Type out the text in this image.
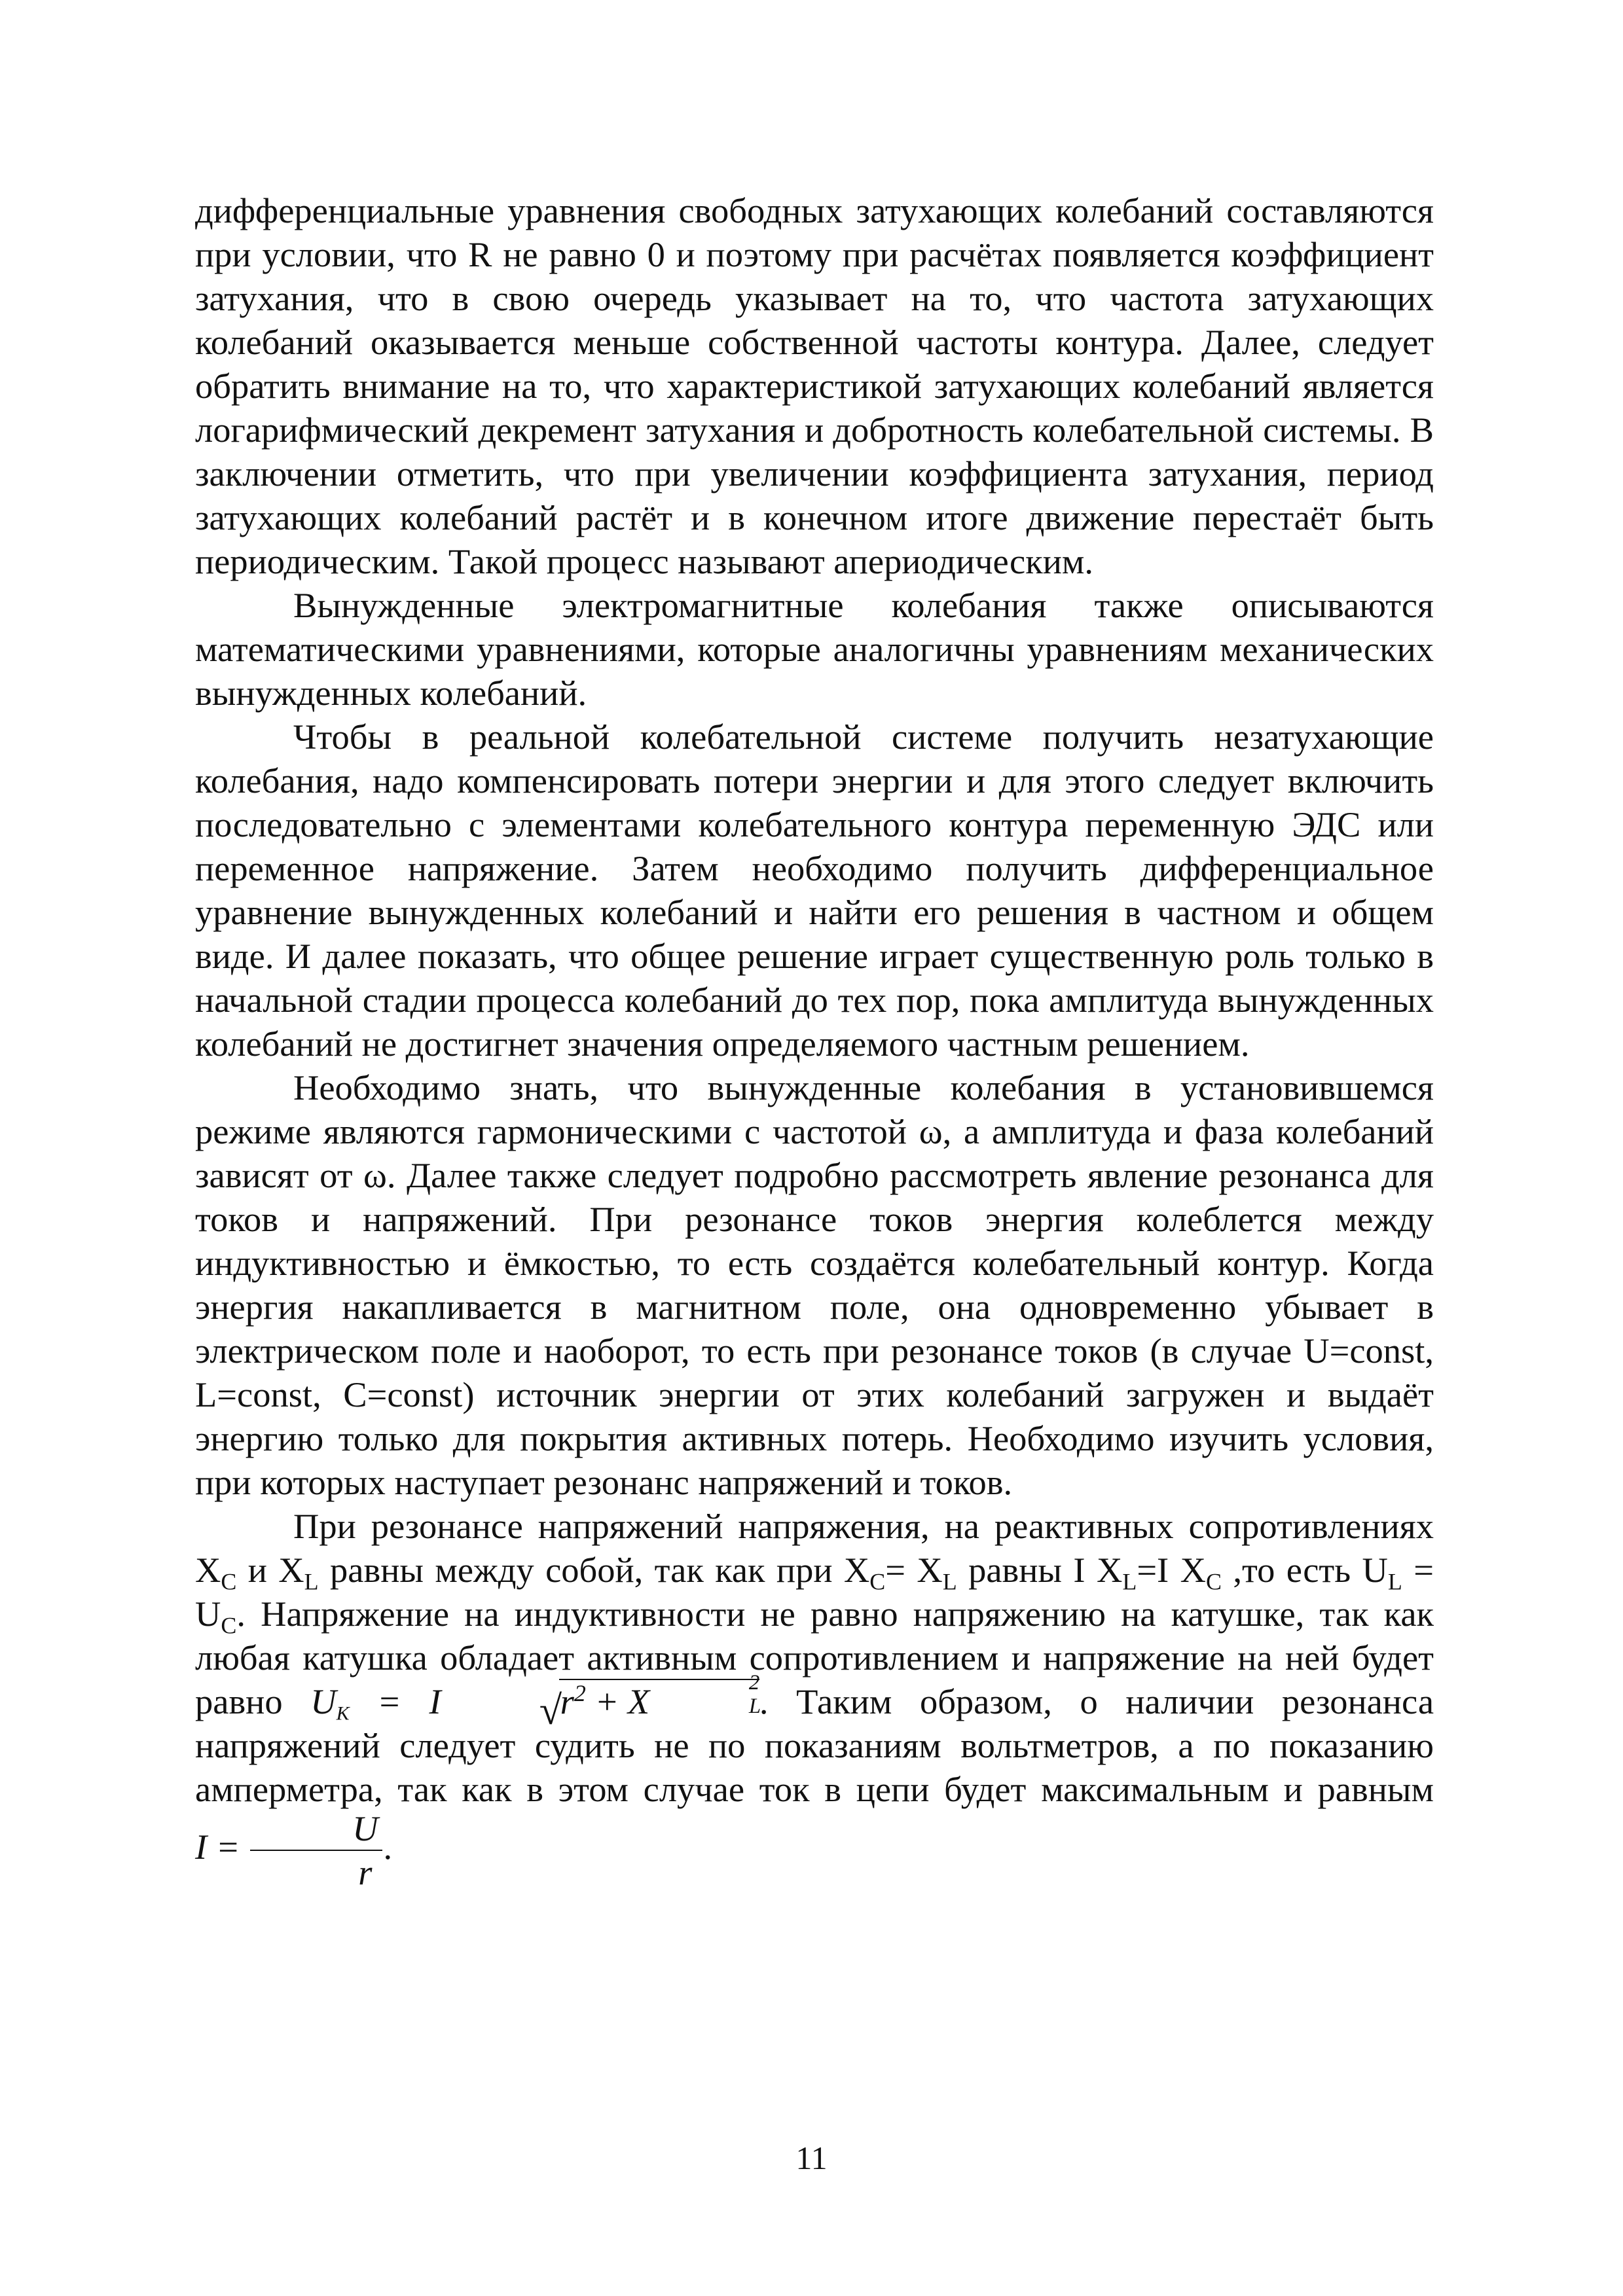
дифференциальные уравнения свободных затухающих колебаний составляются при условии, что R не равно 0 и поэтому при расчётах появляется коэффициент затухания, что в свою очередь указывает на то, что частота затухающих колебаний оказывается меньше собственной частоты контура. Далее, следует обратить внимание на то, что характеристикой затухающих колебаний является логарифмический декремент затухания и добротность колебательной системы. В заключении отметить, что при увеличении коэффициента затухания, период затухающих колебаний растёт и в конечном итоге движение перестаёт быть периодическим. Такой процесс называют апериодическим.

Вынужденные электромагнитные колебания также описываются математическими уравнениями, которые аналогичны уравнениям механических вынужденных колебаний.

Чтобы в реальной колебательной системе получить незатухающие колебания, надо компенсировать потери энергии и для этого следует включить последовательно с элементами колебательного контура переменную ЭДС или переменное напряжение. Затем необходимо получить дифференциальное уравнение вынужденных колебаний и найти его решения в частном и общем виде. И далее показать, что общее решение играет существенную роль только в начальной стадии процесса колебаний до тех пор, пока амплитуда вынужденных колебаний не достигнет значения определяемого частным решением.

Необходимо знать, что вынужденные колебания в установившемся режиме являются гармоническими с частотой ω, а амплитуда и фаза колебаний зависят от ω. Далее также следует подробно рассмотреть явление резонанса для токов и напряжений. При резонансе токов энергия колеблется между индуктивностью и ёмкостью, то есть создаётся колебательный контур. Когда энергия накапливается в магнитном поле, она одновременно убывает в электрическом поле и наоборот, то есть при резонансе токов (в случае U=const, L=const, C=const) источник энергии от этих колебаний загружен и выдаёт энергию только для покрытия активных потерь. Необходимо изучить условия, при которых наступает резонанс напряжений и токов.

При резонансе напряжений напряжения, на реактивных сопротивлениях $X_C$ и $X_L$ равны между собой, так как при $X_C= X_L$ равны I $X_L=I$ $X_C$ ,то есть $U_L = U_C$. Напряжение на индуктивности не равно напряжению на катушке, так как любая катушка обладает активным сопротивлением и напряжение на ней будет равно $U_K = I$	√
$r^2 + X$   	2
L
. Таким образом, о наличии резонанса напряжений следует судить не по показаниям вольтметров, а по показанию амперметра, так как в этом случае ток в цепи будет максимальным и равным $I = \frac{U}{r}$ .

11
